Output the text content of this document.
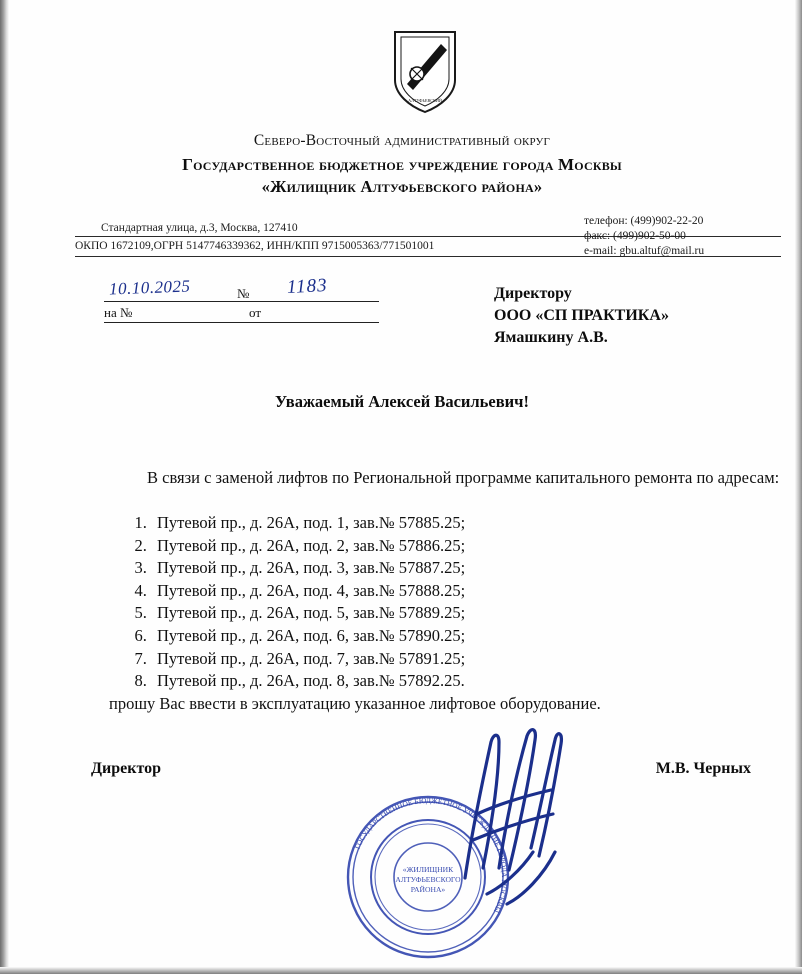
АЛТУФЬЕВСКИЙ
Северо-Восточный административный округ
Государственное бюджетное учреждение города Москвы
«Жилищник Алтуфьевского района»
Стандартная улица, д.3, Москва, 127410
ОКПО 1672109,ОГРН 5147746339362, ИНН/КПП 9715005363/771501001
телефон: (499)902-22-20
факс: (499)902-50-00
e-mail: gbu.altuf@mail.ru
10.10.2025	№ 1183
на №	от
Директору
ООО «СП ПРАКТИКА»
Ямашкину А.В.
Уважаемый Алексей Васильевич!
В связи с заменой лифтов по Региональной программе капитального ремонта по адресам:
1. Путевой пр., д. 26А, под. 1, зав.№ 57885.25;
2. Путевой пр., д. 26А, под. 2, зав.№ 57886.25;
3. Путевой пр., д. 26А, под. 3, зав.№ 57887.25;
4. Путевой пр., д. 26А, под. 4, зав.№ 57888.25;
5. Путевой пр., д. 26А, под. 5, зав.№ 57889.25;
6. Путевой пр., д. 26А, под. 6, зав.№ 57890.25;
7. Путевой пр., д. 26А, под. 7, зав.№ 57891.25;
8. Путевой пр., д. 26А, под. 8, зав.№ 57892.25.
прошу Вас ввести в эксплуатацию указанное лифтовое оборудование.
Директор	М.В. Черных
ГОСУДАРСТВЕННОЕ БЮДЖЕТНОЕ УЧРЕЖДЕНИЕ ГОРОДА МОСКВЫ
«ЖИЛИЩНИК
АЛТУФЬЕВСКОГО
РАЙОНА»
